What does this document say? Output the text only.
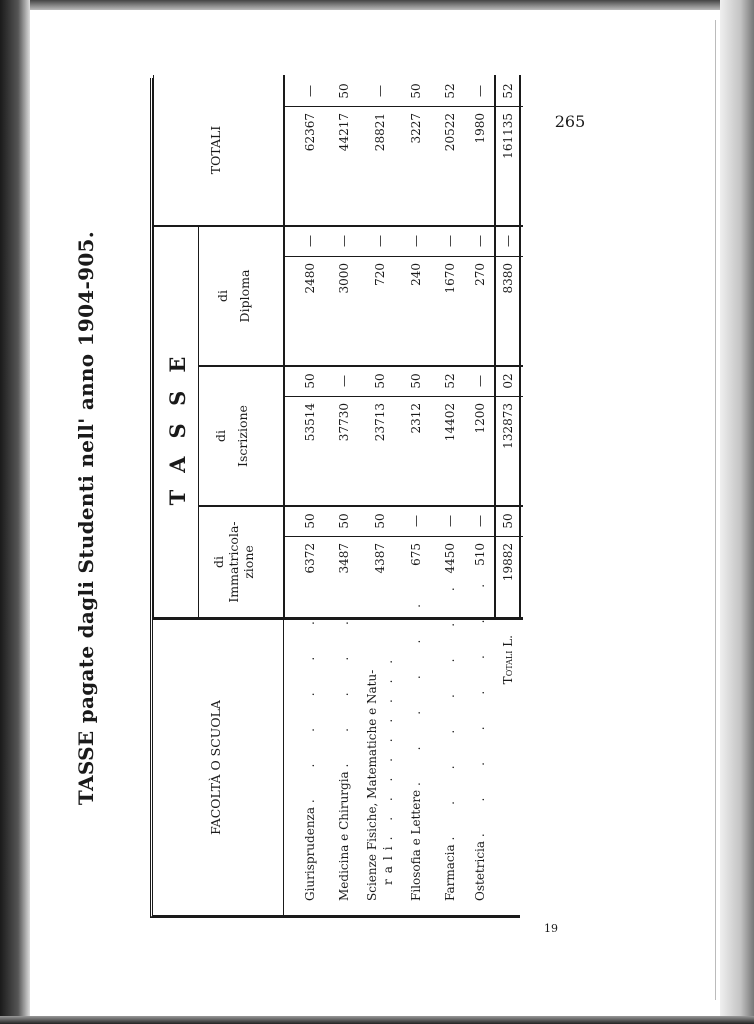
265
19
TASSE pagate dagli Studenti nell' anno 1904-905.	FACOLTÀ O SCUOLA
TASSE
di Immatricola- zione
di Iscrizione
di Diploma
TOTALI
Giurisprudenza . . . . . .
6372
50
53514
50
2480
—
62367
—
Medicina e Chirurgia . . . . .
3487
50
37730
—
3000
—
44217
50
Scienze Fisiche, Matematiche e Natu- rali. . . . . . . . . .
4387
50
23713
50
720
—
28821
—
Filosofia e Lettere . . . . . .
675
—
2312
50
240
—
3227
50
Farmacia . . . . . . . .
4450
—
14402
52
1670
—
20522
52
Ostetricia . . . . . . . .
510
—
1200
—
270
—
1980
—
Totali L.
19882
50
132873
02
8380
—
161135
52
